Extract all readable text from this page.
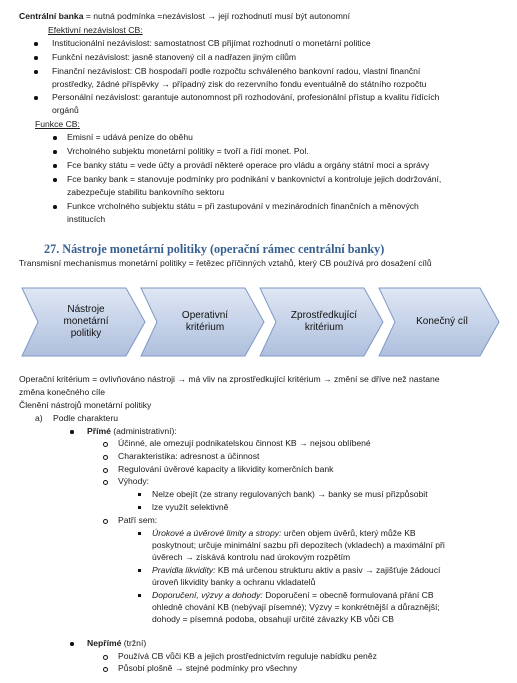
Centrální banka = nutná podmínka =nezávislost → její rozhodnutí musí být autonomní
Efektivní nezávislost CB:
Institucionální nezávislost: samostatnost CB přijímat rozhodnutí o monetární politice
Funkční nezávislost: jasně stanovený cíl a nadřazen jiným cílům
Finanční nezávislost: CB hospodaří podle rozpočtu schváleného bankovní radou, vlastní finanční
prostředky, žádné příspěvky → případný zisk do rezervního fondu eventuálně do státního rozpočtu
Personální nezávislost: garantuje autonomnost při rozhodování, profesionální přístup a kvalitu řídících
orgánů
Funkce CB:
Emisní = udává peníze do oběhu
Vrcholného subjektu monetární politiky = tvoří a řídí monet. Pol.
Fce banky státu = vede účty a provádí některé operace pro vládu a orgány státní moci a správy
Fce banky bank = stanovuje podmínky pro podnikání v bankovnictví a kontroluje jejich dodržování,
zabezpečuje stabilitu bankovního sektoru
Funkce vrcholného subjektu státu = při zastupování v mezinárodních finančních a měnových
institucích
27. Nástroje monetární politiky (operační rámec centrální banky)
Transmisní mechanismus monetární politiky = řetězec příčinných vztahů, který CB používá pro dosažení cílů
Nástroje
monetární
politiky
Operativní
kritérium
Zprostředkující
kritérium
Konečný cíl
Operační kritérium = ovlivňováno nástroji → má vliv na zprostředkující kritérium → změní se dříve než nastane
změna konečného cíle
Členění nástrojů monetární politiky
a) Podle charakteru
Přímé (administrativní):
Účinné, ale omezují podnikatelskou činnost KB → nejsou oblíbené
Charakteristika: adresnost a účinnost
Regulování úvěrové kapacity a likvidity komerčních bank
Výhody:
Nelze obejít (ze strany regulovaných bank) → banky se musí přizpůsobit
lze využít selektivně
Patří sem:
Úrokové a úvěrové limity a stropy: určen objem úvěrů, který může KB
poskytnout; určuje minimální sazbu při depozitech (vkladech) a maximální při
úvěrech → získává kontrolu nad úrokovým rozpětím
Pravidla likvidity: KB má určenou strukturu aktiv a pasiv → zajišťuje žádoucí
úroveň likvidity banky a ochranu vkladatelů
Doporučení, výzvy a dohody: Doporučení = obecně formulovaná přání CB
ohledně chování KB (nebývají písemné); Výzvy = konkrétnější a důraznější;
dohody = písemná podoba, obsahují určité závazky KB vůči CB
Nepřímé (tržní)
Používá CB vůči KB a jejich prostřednictvím reguluje nabídku peněz
Působí plošně → stejné podmínky pro všechny
